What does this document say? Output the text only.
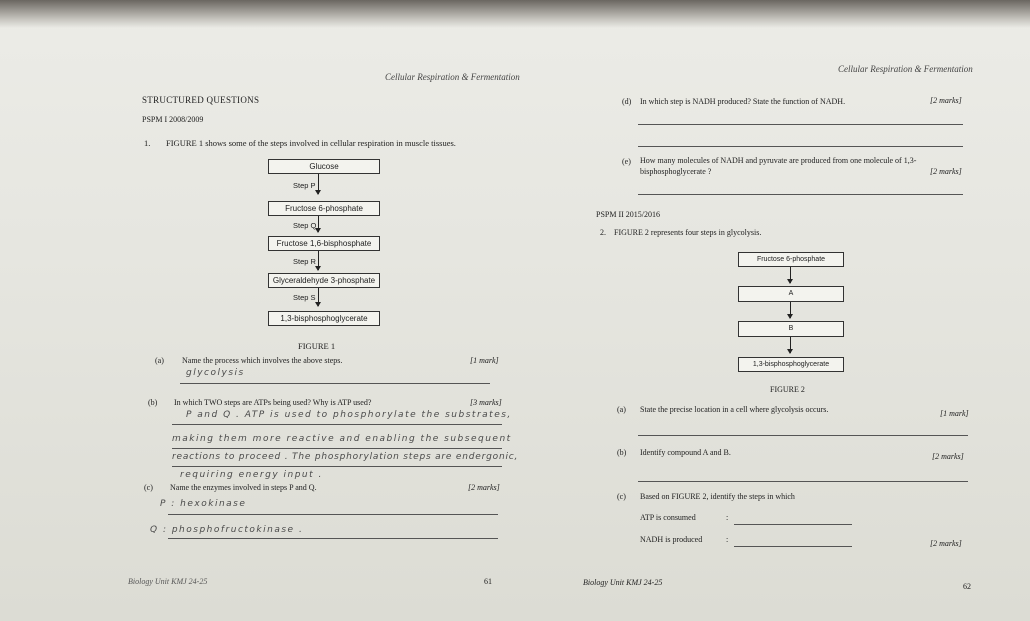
Cellular Respiration & Fermentation
STRUCTURED QUESTIONS
PSPM I 2008/2009
1. FIGURE 1 shows some of the steps involved in cellular respiration in muscle tissues.
Glucose
Step P
Fructose 6-phosphate
Step Q
Fructose 1,6-bisphosphate
Step R
Glyceraldehyde 3-phosphate
Step S
1,3-bisphosphoglycerate
FIGURE 1
(a) Name the process which involves the above steps.	[1 mark]
glycolysis
(b) In which TWO steps are ATPs being used? Why is ATP used?	[3 marks]
P and Q . ATP is used to phosphorylate the substrates,
making them more reactive and enabling the subsequent
reactions to proceed . The phosphorylation steps are endergonic,
requiring energy input .
(c) Name the enzymes involved in steps P and Q.	[2 marks]
P : hexokinase
Q : phosphofructokinase .
Biology Unit KMJ 24-25	61
Cellular Respiration & Fermentation
(d) In which step is NADH produced? State the function of NADH.	[2 marks]
(e) How many molecules of NADH and pyruvate are produced from one molecule of 1,3-
bisphosphoglycerate ?	[2 marks]
PSPM II 2015/2016
2. FIGURE 2 represents four steps in glycolysis.
Fructose 6-phosphate
A
B
1,3-bisphosphoglycerate
FIGURE 2
(a) State the precise location in a cell where glycolysis occurs.	[1 mark]
(b) Identify compound A and B.	[2 marks]
(c) Based on FIGURE 2, identify the steps in which
ATP is consumed	:
NADH is produced	:	[2 marks]
Biology Unit KMJ 24-25	62
